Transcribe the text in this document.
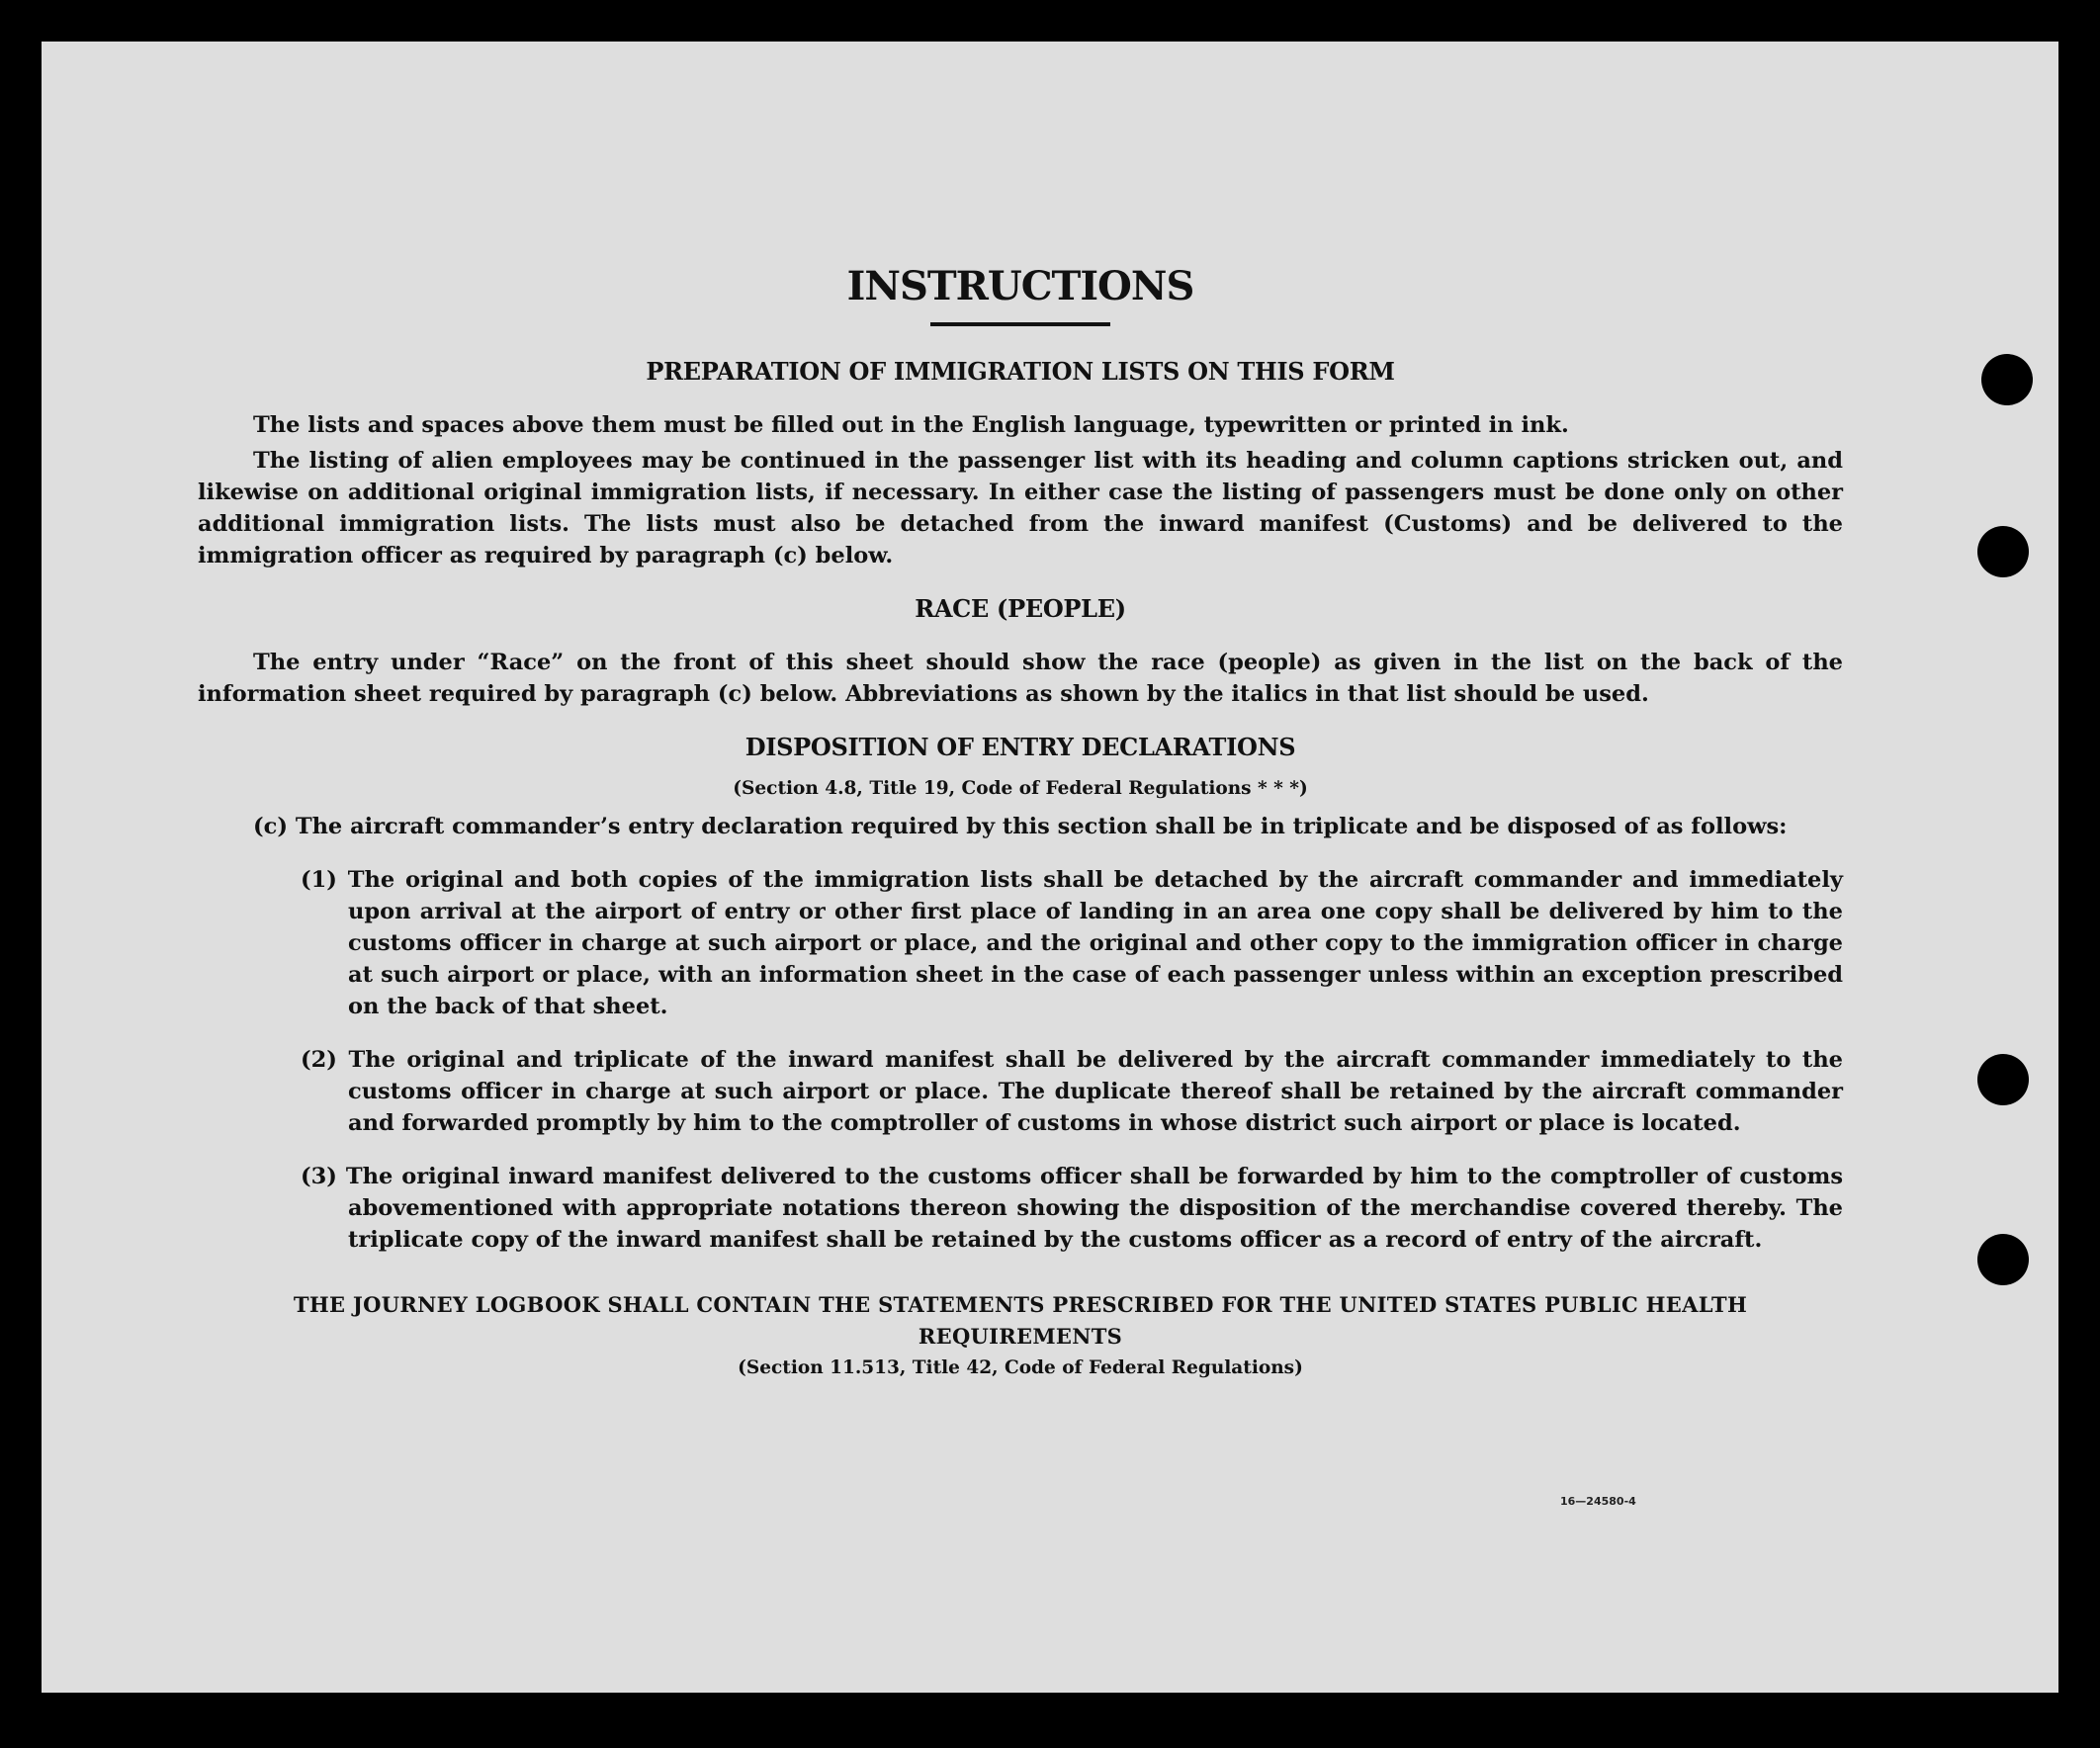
16—24580-4
INSTRUCTIONS
PREPARATION OF IMMIGRATION LISTS ON THIS FORM

The lists and spaces above them must be filled out in the English language, typewritten or printed in ink.

The listing of alien employees may be continued in the passenger list with its heading and column captions stricken out, and likewise on additional original immigration lists, if necessary. In either case the listing of passengers must be done only on other additional immigration lists. The lists must also be detached from the inward manifest (Customs) and be delivered to the immigration officer as required by paragraph (c) below.

RACE (PEOPLE)

The entry under “Race” on the front of this sheet should show the race (people) as given in the list on the back of the information sheet required by paragraph (c) below. Abbreviations as shown by the italics in that list should be used.

DISPOSITION OF ENTRY DECLARATIONS
(Section 4.8, Title 19, Code of Federal Regulations * * *)

(c) The aircraft commander’s entry declaration required by this section shall be in triplicate and be disposed of as follows:

(1) The original and both copies of the immigration lists shall be detached by the aircraft commander and immediately upon arrival at the airport of entry or other first place of landing in an area one copy shall be delivered by him to the customs officer in charge at such airport or place, and the original and other copy to the immigration officer in charge at such airport or place, with an information sheet in the case of each passenger unless within an exception prescribed on the back of that sheet.

(2) The original and triplicate of the inward manifest shall be delivered by the aircraft commander immediately to the customs officer in charge at such airport or place. The duplicate thereof shall be retained by the aircraft commander and forwarded promptly by him to the comptroller of customs in whose district such airport or place is located.

(3) The original inward manifest delivered to the customs officer shall be forwarded by him to the comptroller of customs abovementioned with appropriate notations thereon showing the disposition of the merchandise covered thereby. The triplicate copy of the inward manifest shall be retained by the customs officer as a record of entry of the aircraft.

THE JOURNEY LOGBOOK SHALL CONTAIN THE STATEMENTS PRESCRIBED FOR THE UNITED STATES PUBLIC HEALTH REQUIREMENTS

(Section 11.513, Title 42, Code of Federal Regulations)
